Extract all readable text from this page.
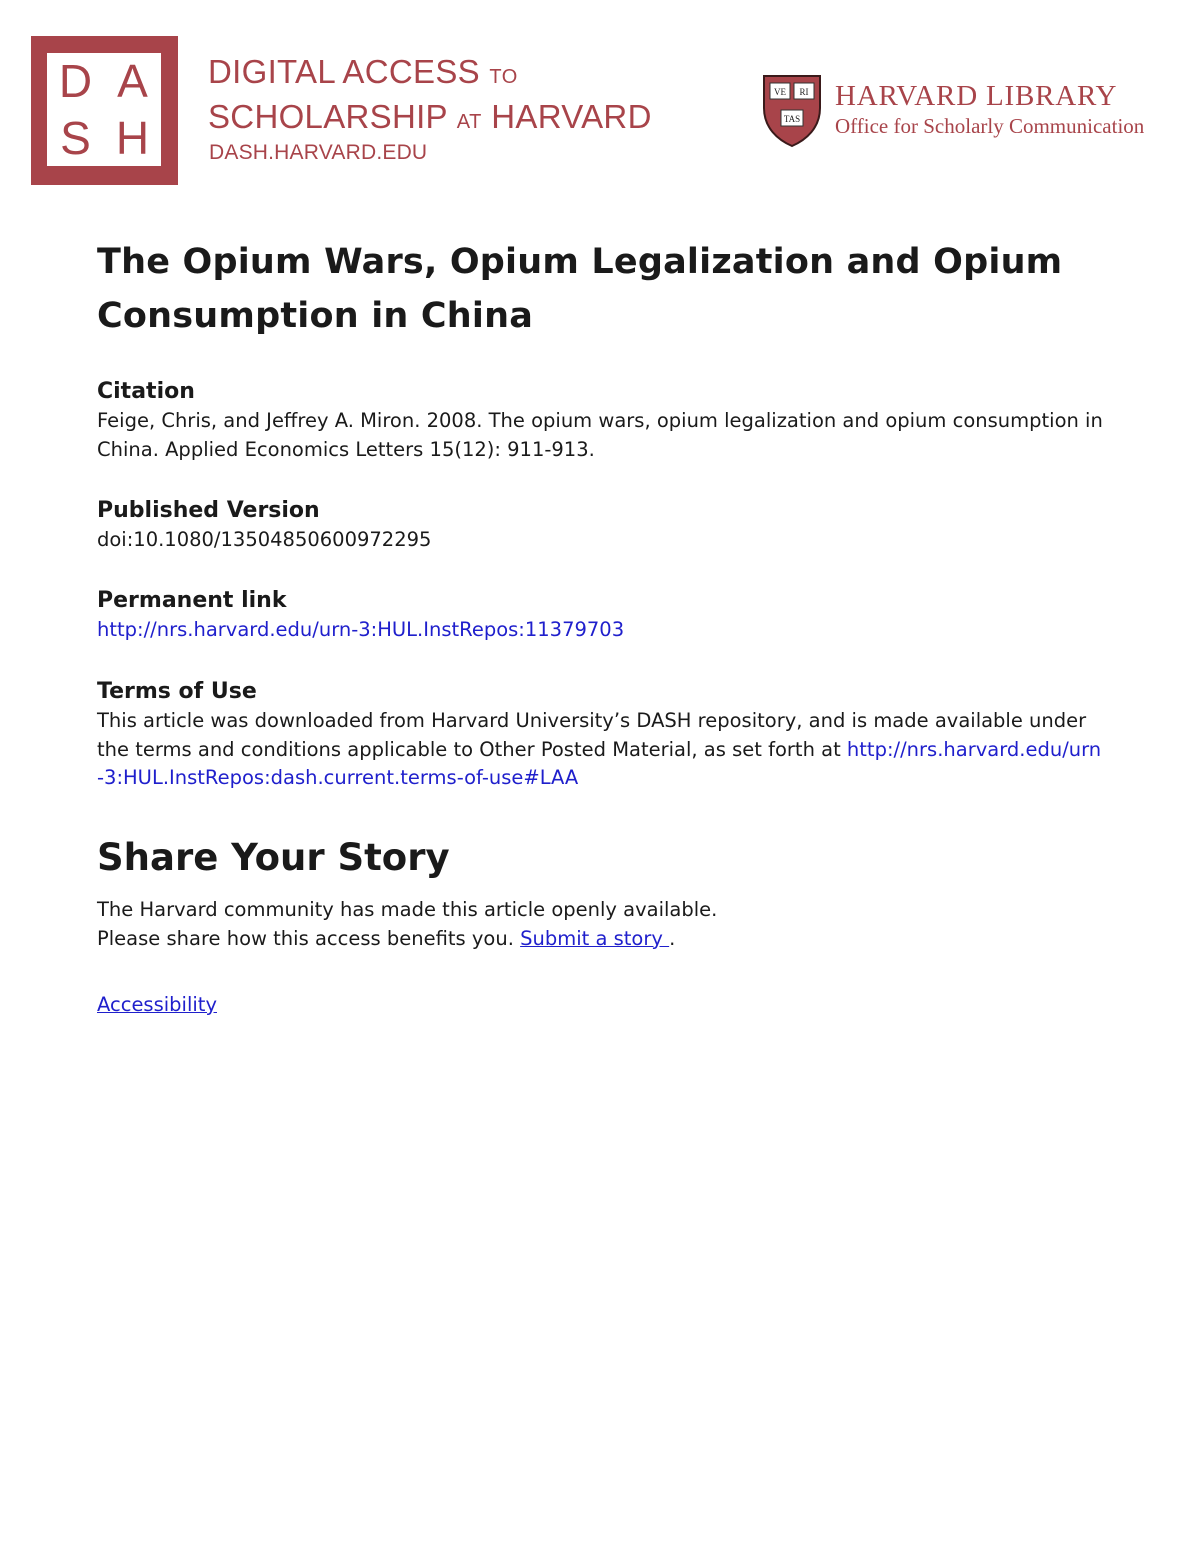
D A
S H
DIGITAL ACCESS TO
SCHOLARSHIP AT HARVARD
DASH.HARVARD.EDU
VE RI
TAS
HARVARD LIBRARY
Office for Scholarly Communication
The Opium Wars, Opium Legalization and Opium Consumption in China
Citation
Feige, Chris, and Jeffrey A. Miron. 2008. The opium wars, opium legalization and opium consumption in China. Applied Economics Letters 15(12): 911-913.
Published Version
doi:10.1080/13504850600972295
Permanent link
http://nrs.harvard.edu/urn-3:HUL.InstRepos:11379703
Terms of Use
This article was downloaded from Harvard University’s DASH repository, and is made available under the terms and conditions applicable to Other Posted Material, as set forth at http://nrs.harvard.edu/urn-3:HUL.InstRepos:dash.current.terms-of-use#LAA
Share Your Story
The Harvard community has made this article openly available.
Please share how this access benefits you. Submit a story .
Accessibility
